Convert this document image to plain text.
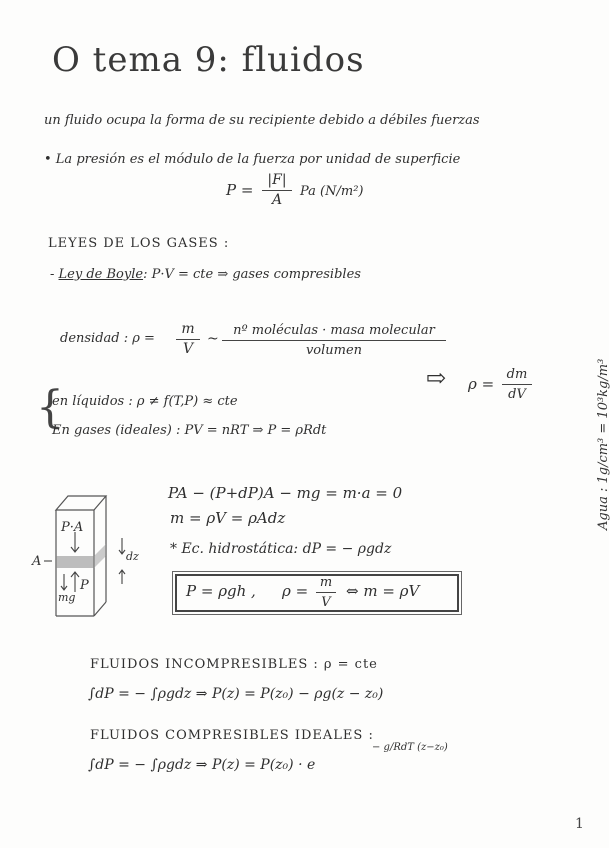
O tema 9: fluidos
un fluido ocupa la forma de su recipiente debido a débiles fuerzas
• La presión es el módulo de la fuerza por unidad de superficie
P =
|F|
A
Pa (N/m²)
LEYES DE LOS GASES :
- Ley de Boyle: P·V = cte ⇒ gases compresibles
densidad : ρ =
m
V
~
nº moléculas · masa molecular
volumen
⇨ ρ =
dm
dV
{
en líquidos : ρ ≠ f(T,P) ≈ cte
En gases (ideales) : PV = nRT ⇒ P = ρRdt
P·A
P
A	dz
mg
PA − (P+dP)A − mg = m·a = 0
m = ρV = ρAdz
* Ec. hidrostática: dP = − ρgdz
P = ρgh , ρ = m
V
⇔ m = ρV
Agua : 1g/cm³ = 10³kg/m³
FLUIDOS INCOMPRESIBLES : ρ = cte
∫dP = − ∫ρgdz ⇒ P(z) = P(z₀) − ρg(z − z₀)
FLUIDOS COMPRESIBLES IDEALES :
∫dP = − ∫ρgdz ⇒ P(z) = P(z₀) · e
− g/RdT (z−z₀)
1
